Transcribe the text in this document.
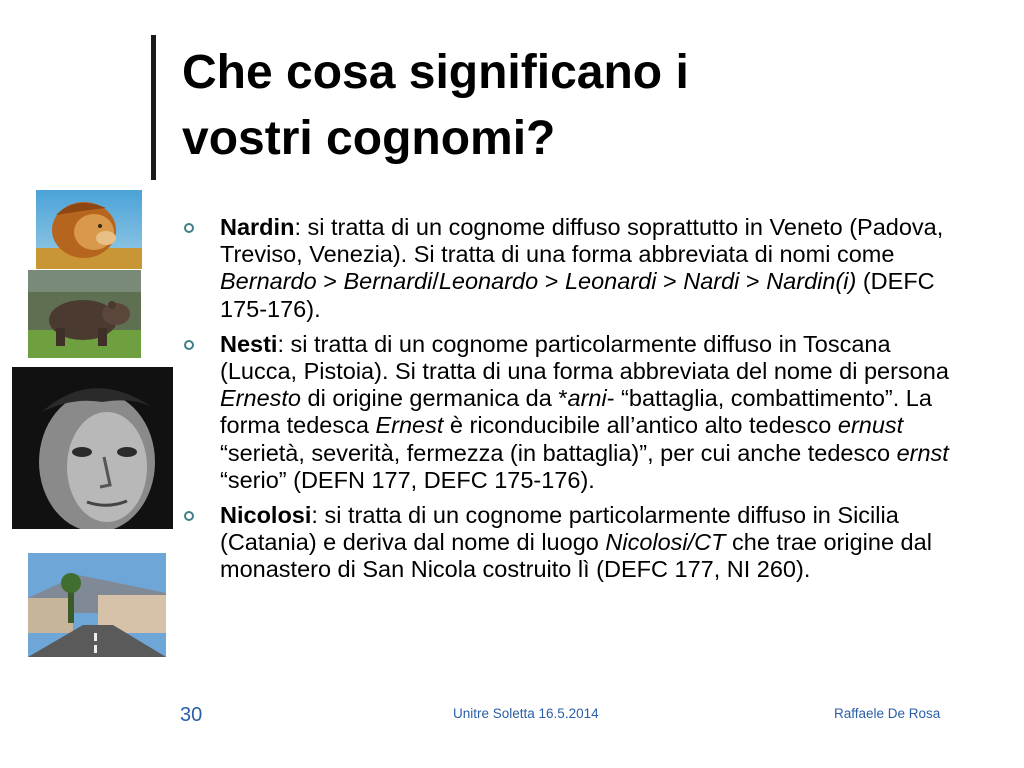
Che cosa significano i
vostri cognomi?
Nardin: si tratta di un cognome diffuso soprattutto in Veneto (Padova, Treviso, Venezia). Si tratta di una forma abbreviata di nomi come Bernardo > Bernardi/Leonardo > Leonardi > Nardi > Nardin(i) (DEFC 175-176).
Nesti: si tratta di un cognome particolarmente diffuso in Toscana (Lucca, Pistoia). Si tratta di una forma abbreviata del nome di persona Ernesto di origine germanica da *arni- “battaglia, combattimento”. La forma tedesca Ernest è riconducibile all’antico alto tedesco ernust “serietà, severità, fermezza (in battaglia)”, per cui anche tedesco ernst “serio” (DEFN 177, DEFC 175-176).
Nicolosi: si tratta di un cognome particolarmente diffuso in Sicilia (Catania) e deriva dal nome di luogo Nicolosi/CT che trae origine dal monastero di San Nicola costruito lì (DEFC 177, NI 260).
30	Unitre Soletta 16.5.2014	Raffaele De Rosa
